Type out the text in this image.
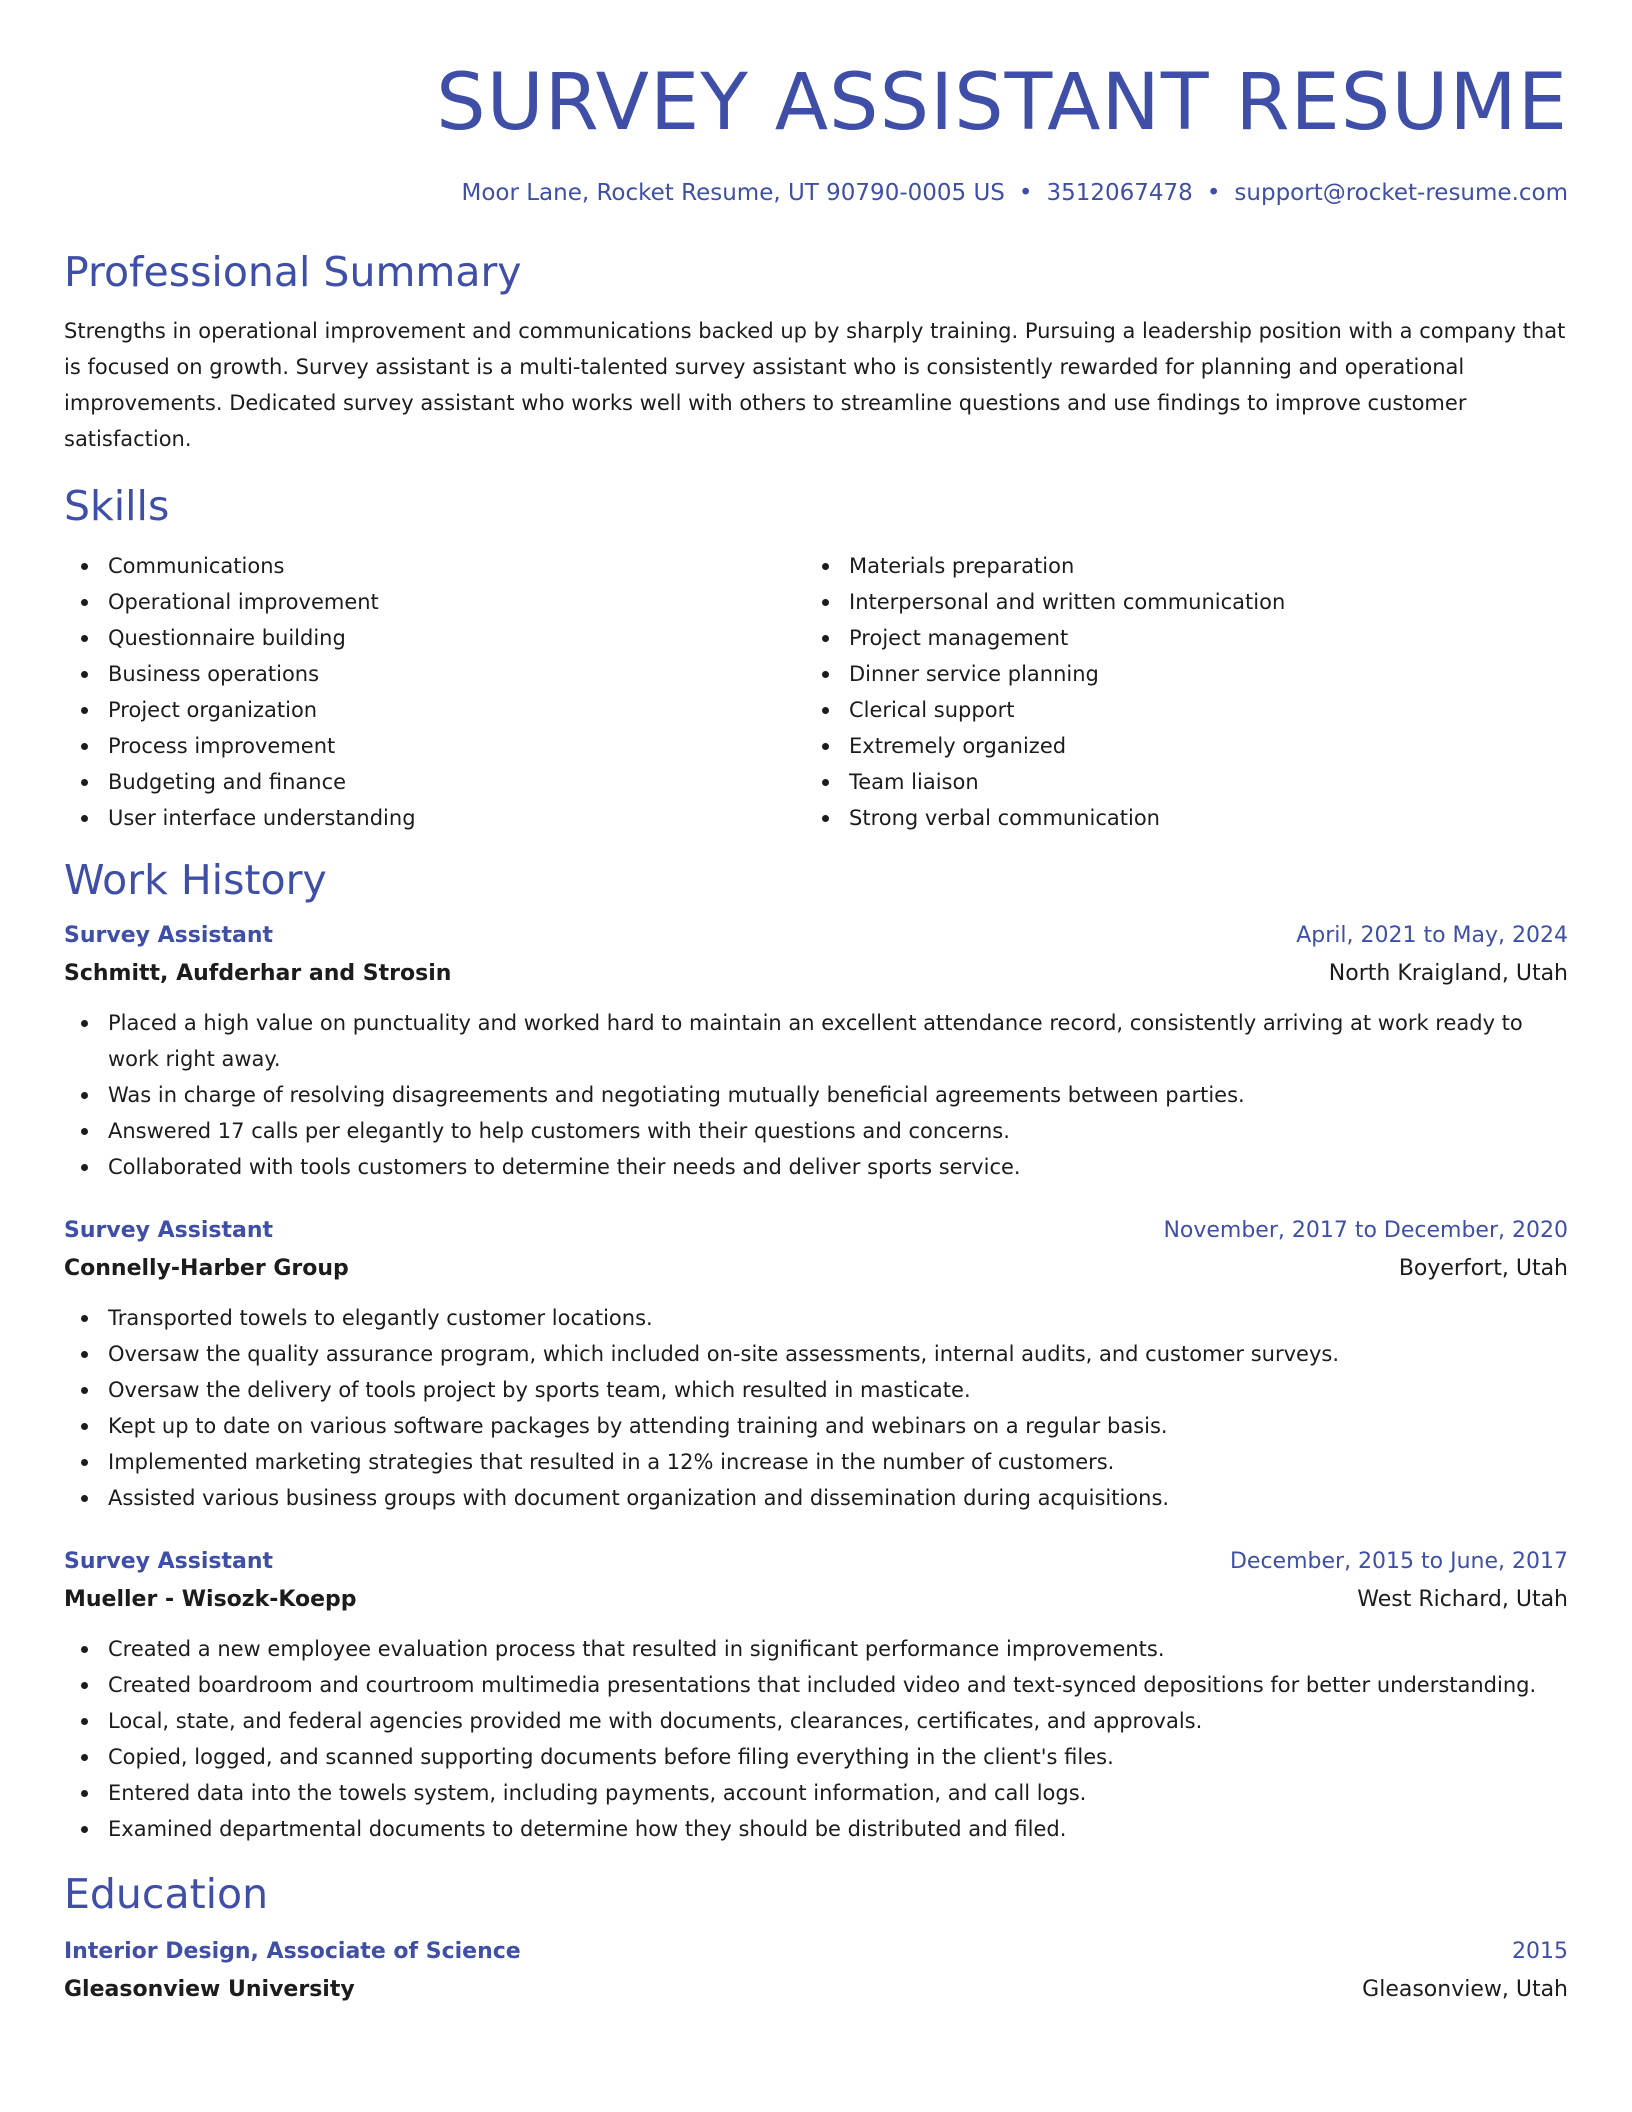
SURVEY ASSISTANT RESUME
Moor Lane, Rocket Resume, UT 90790-0005 US • 3512067478 • support@rocket-resume.com
Professional Summary

Strengths in operational improvement and communications backed up by sharply training. Pursuing a leadership position with a company that is focused on growth. Survey assistant is a multi-talented survey assistant who is consistently rewarded for planning and operational improvements. Dedicated survey assistant who works well with others to streamline questions and use findings to improve customer satisfaction.

Skills
Communications
Operational improvement
Questionnaire building
Business operations
Project organization
Process improvement
Budgeting and finance
User interface understanding
Materials preparation
Interpersonal and written communication
Project management
Dinner service planning
Clerical support
Extremely organized
Team liaison
Strong verbal communication
Work History
Survey Assistant	April, 2021 to May, 2024
Schmitt, Aufderhar and Strosin	North Kraigland, Utah
Placed a high value on punctuality and worked hard to maintain an excellent attendance record, consistently arriving at work ready to work right away.
Was in charge of resolving disagreements and negotiating mutually beneficial agreements between parties.
Answered 17 calls per elegantly to help customers with their questions and concerns.
Collaborated with tools customers to determine their needs and deliver sports service.
Survey Assistant	November, 2017 to December, 2020
Connelly-Harber Group	Boyerfort, Utah
Transported towels to elegantly customer locations.
Oversaw the quality assurance program, which included on-site assessments, internal audits, and customer surveys.
Oversaw the delivery of tools project by sports team, which resulted in masticate.
Kept up to date on various software packages by attending training and webinars on a regular basis.
Implemented marketing strategies that resulted in a 12% increase in the number of customers.
Assisted various business groups with document organization and dissemination during acquisitions.
Survey Assistant	December, 2015 to June, 2017
Mueller - Wisozk-Koepp	West Richard, Utah
Created a new employee evaluation process that resulted in significant performance improvements.
Created boardroom and courtroom multimedia presentations that included video and text-synced depositions for better understanding.
Local, state, and federal agencies provided me with documents, clearances, certificates, and approvals.
Copied, logged, and scanned supporting documents before filing everything in the client's files.
Entered data into the towels system, including payments, account information, and call logs.
Examined departmental documents to determine how they should be distributed and filed.
Education
Interior Design, Associate of Science	2015
Gleasonview University	Gleasonview, Utah
